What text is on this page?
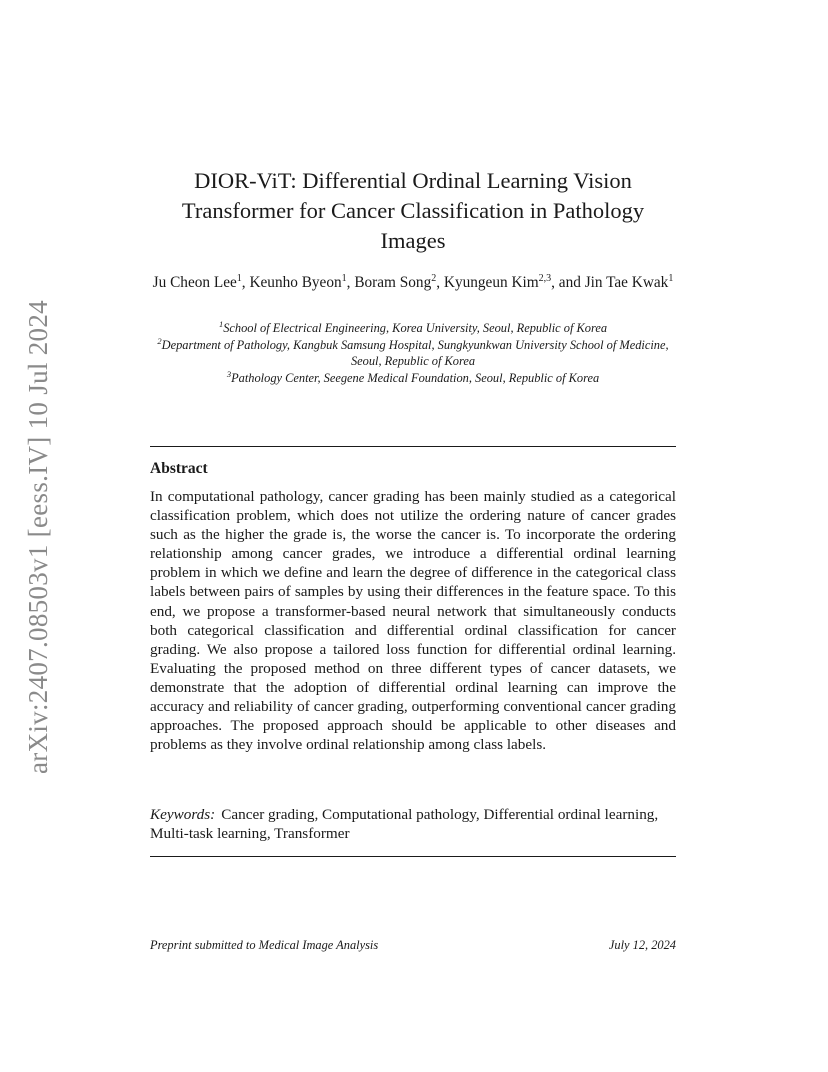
arXiv:2407.08503v1 [eess.IV] 10 Jul 2024
DIOR-ViT: Differential Ordinal Learning Vision
Transformer for Cancer Classification in Pathology
Images
Ju Cheon Lee$^1$, Keunho Byeon$^1$, Boram Song$^2$, Kyungeun Kim$^{2,3}$, and Jin Tae Kwak$^1$
$^1$School of Electrical Engineering, Korea University, Seoul, Republic of Korea
$^2$Department of Pathology, Kangbuk Samsung Hospital, Sungkyunkwan University School of Medicine, Seoul, Republic of Korea
$^3$Pathology Center, Seegene Medical Foundation, Seoul, Republic of Korea
Abstract
In computational pathology, cancer grading has been mainly studied as a categorical classification problem, which does not utilize the ordering nature of cancer grades such as the higher the grade is, the worse the cancer is. To incorporate the ordering relationship among cancer grades, we introduce a differential ordinal learning problem in which we define and learn the degree of difference in the categorical class labels between pairs of samples by using their differences in the feature space. To this end, we propose a transformer-based neural network that simultaneously conducts both categorical classification and differential ordinal classification for cancer grading. We also propose a tailored loss function for differential ordinal learning. Evaluating the proposed method on three different types of cancer datasets, we demonstrate that the adoption of differential ordinal learning can improve the accuracy and reliability of cancer grading, outperforming conventional cancer grading approaches. The proposed approach should be applicable to other diseases and problems as they involve ordinal relationship among class labels.
Keywords: Cancer grading, Computational pathology, Differential ordinal learning, Multi-task learning, Transformer
Preprint submitted to Medical Image Analysis	July 12, 2024
